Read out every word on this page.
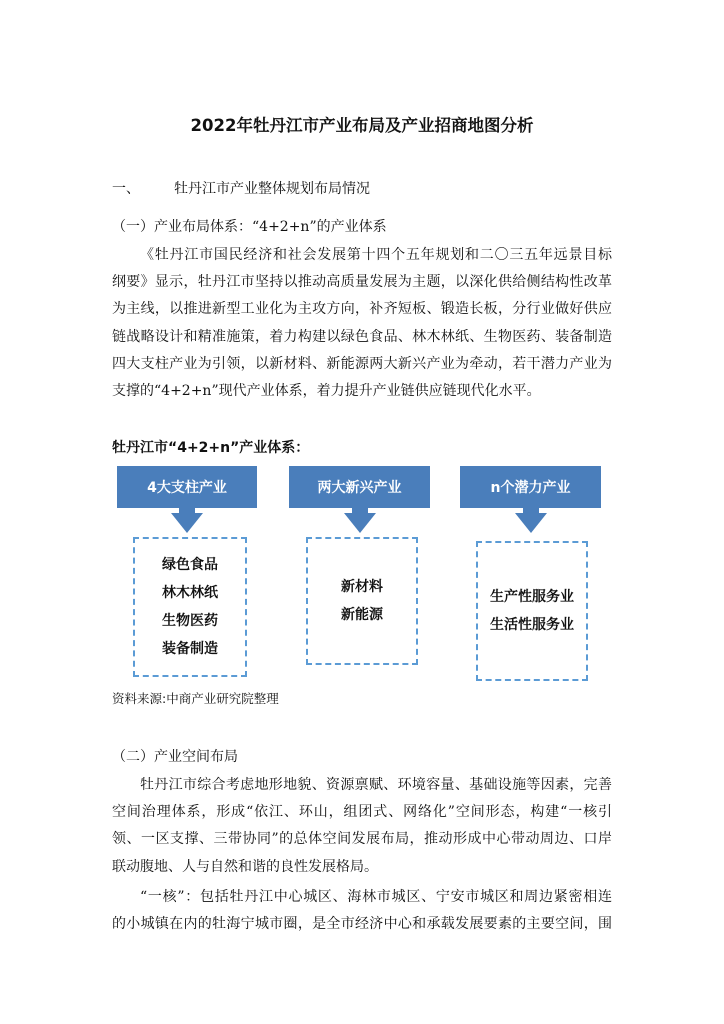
2022年牡丹江市产业布局及产业招商地图分析
一、 牡丹江市产业整体规划布局情况
（一）产业布局体系：“4+2+n”的产业体系
《牡丹江市国民经济和社会发展第十四个五年规划和二〇三五年远景目标
纲要》显示，牡丹江市坚持以推动高质量发展为主题，以深化供给侧结构性改革
为主线，以推进新型工业化为主攻方向，补齐短板、锻造长板，分行业做好供应
链战略设计和精准施策，着力构建以绿色食品、林木林纸、生物医药、装备制造
四大支柱产业为引领，以新材料、新能源两大新兴产业为牵动，若干潜力产业为
支撑的“4+2+n”现代产业体系，着力提升产业链供应链现代化水平。
牡丹江市“4+2+n”产业体系：
4大支柱产业
绿色食品
林木林纸
生物医药
装备制造
两大新兴产业
新材料
新能源
n个潜力产业
生产性服务业
生活性服务业
资料来源:中商产业研究院整理
（二）产业空间布局
牡丹江市综合考虑地形地貌、资源禀赋、环境容量、基础设施等因素，完善
空间治理体系，形成“依江、环山，组团式、网络化”空间形态，构建“一核引
领、一区支撑、三带协同”的总体空间发展布局，推动形成中心带动周边、口岸
联动腹地、人与自然和谐的良性发展格局。
“一核”：包括牡丹江中心城区、海林市城区、宁安市城区和周边紧密相连
的小城镇在内的牡海宁城市圈，是全市经济中心和承载发展要素的主要空间，围
